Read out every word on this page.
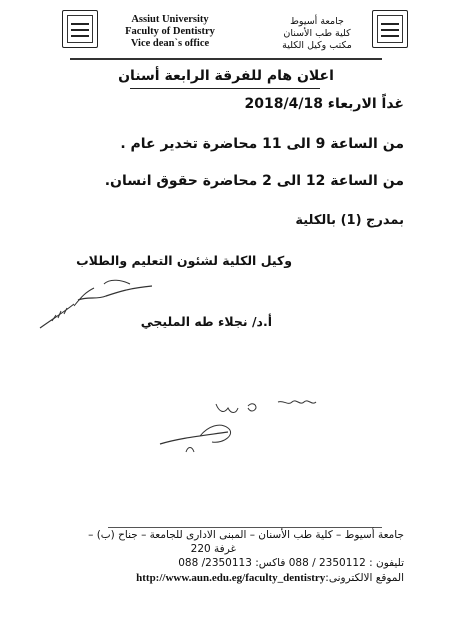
Assiut University
Faculty of Dentistry
Vice dean`s office
جامعة أسيوط
كلية طب الأسنان
مكتب وكيل الكلية
اعلان هام للفرقة الرابعة أسنان
غداً الاربعاء 2018/4/18
من الساعة 9 الى 11 محاضرة تخدير عام .
من الساعة 12 الى 2 محاضرة حقوق انسان.
بمدرج (1) بالكلية
وكيل الكلية لشئون التعليم والطلاب
أ.د/ نجلاء طه المليجي
جامعة أسيوط – كلية طب الأسنان – المبنى الادارى للجامعة – جناح (ب) –
غرفة 220
تليفون : 2350112 / 088 فاكس: 2350113/ 088
http://www.aun.edu.eg/faculty_dentistry الموقع الالكترونى:
